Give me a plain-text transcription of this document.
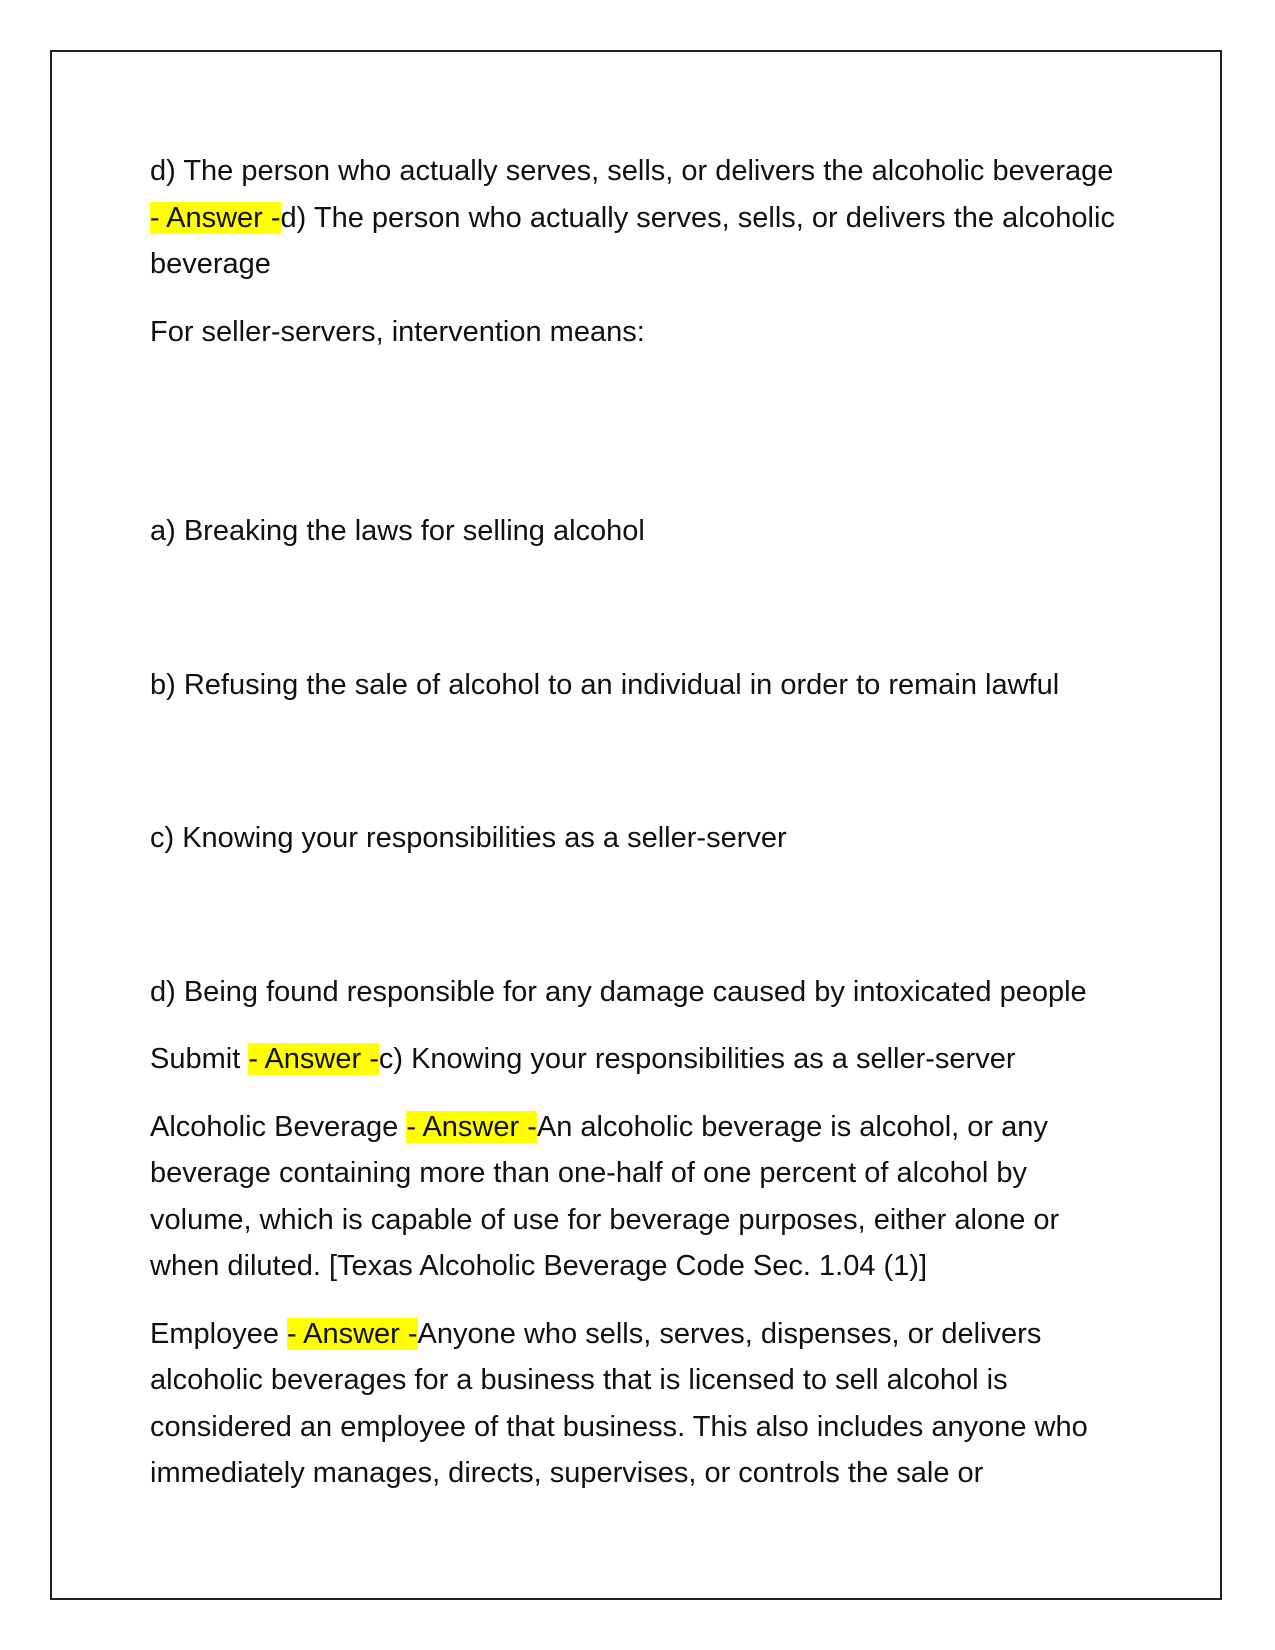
d) The person who actually serves, sells, or delivers the alcoholic beverage - Answer -d) The person who actually serves, sells, or delivers the alcoholic beverage

For seller-servers, intervention means:

a) Breaking the laws for selling alcohol

b) Refusing the sale of alcohol to an individual in order to remain lawful

c) Knowing your responsibilities as a seller-server

d) Being found responsible for any damage caused by intoxicated people

Submit - Answer -c) Knowing your responsibilities as a seller-server

Alcoholic Beverage - Answer -An alcoholic beverage is alcohol, or any beverage containing more than one-half of one percent of alcohol by volume, which is capable of use for beverage purposes, either alone or when diluted. [Texas Alcoholic Beverage Code Sec. 1.04 (1)]

Employee - Answer -Anyone who sells, serves, dispenses, or delivers alcoholic beverages for a business that is licensed to sell alcohol is considered an employee of that business. This also includes anyone who immediately manages, directs, supervises, or controls the sale or
